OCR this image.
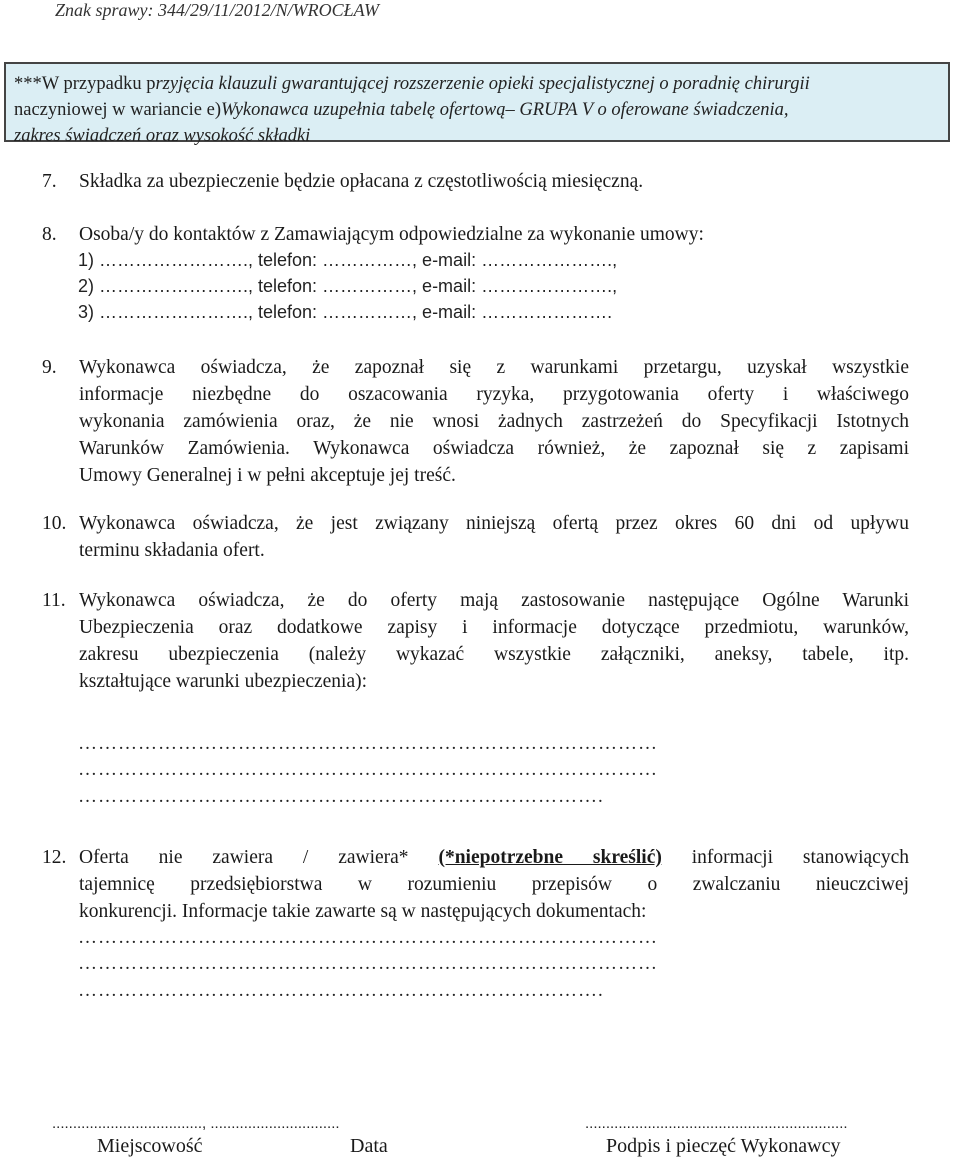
Znak sprawy: 344/29/11/2012/N/WROCŁAW
***W przypadku przyjęcia klauzuli gwarantującej rozszerzenie opieki specjalistycznej o poradnię chirurgii
naczyniowej w wariancie e)Wykonawca uzupełnia tabelę ofertową– GRUPA V o oferowane świadczenia,
zakres świadczeń oraz wysokość składki
7. Składka za ubezpieczenie będzie opłacana z częstotliwością miesięczną.
8. Osoba/y do kontaktów z Zamawiającym odpowiedzialne za wykonanie umowy:
1) ……………………., telefon: ……………, e-mail: ………………….,
2) ……………………., telefon: ……………, e-mail: ………………….,
3) ……………………., telefon: ……………, e-mail: ………………….
9. Wykonawca oświadcza, że zapoznał się z warunkami przetargu, uzyskał wszystkie
informacje niezbędne do oszacowania ryzyka, przygotowania oferty i właściwego
wykonania zamówienia oraz, że nie wnosi żadnych zastrzeżeń do Specyfikacji Istotnych
Warunków Zamówienia. Wykonawca oświadcza również, że zapoznał się z zapisami
Umowy Generalnej i w pełni akceptuje jej treść.
10. Wykonawca oświadcza, że jest związany niniejszą ofertą przez okres 60 dni od upływu
terminu składania ofert.
11. Wykonawca oświadcza, że do oferty mają zastosowanie następujące Ogólne Warunki
Ubezpieczenia oraz dodatkowe zapisy i informacje dotyczące przedmiotu, warunków,
zakresu ubezpieczenia (należy wykazać wszystkie załączniki, aneksy, tabele, itp.
kształtujące warunki ubezpieczenia):
……………………………………………………………………………
……………………………………………………………………………
…………………………………………………………………….
12. Oferta nie zawiera / zawiera* (*niepotrzebne skreślić) informacji stanowiących
tajemnicę przedsiębiorstwa w rozumieniu przepisów o zwalczaniu nieuczciwej
konkurencji. Informacje takie zawarte są w następujących dokumentach:
……………………………………………………………………………
……………………………………………………………………………
…………………………………………………………………….
...................................., ...............................	...............................................................
Miejscowość	Data	Podpis i pieczęć Wykonawcy
